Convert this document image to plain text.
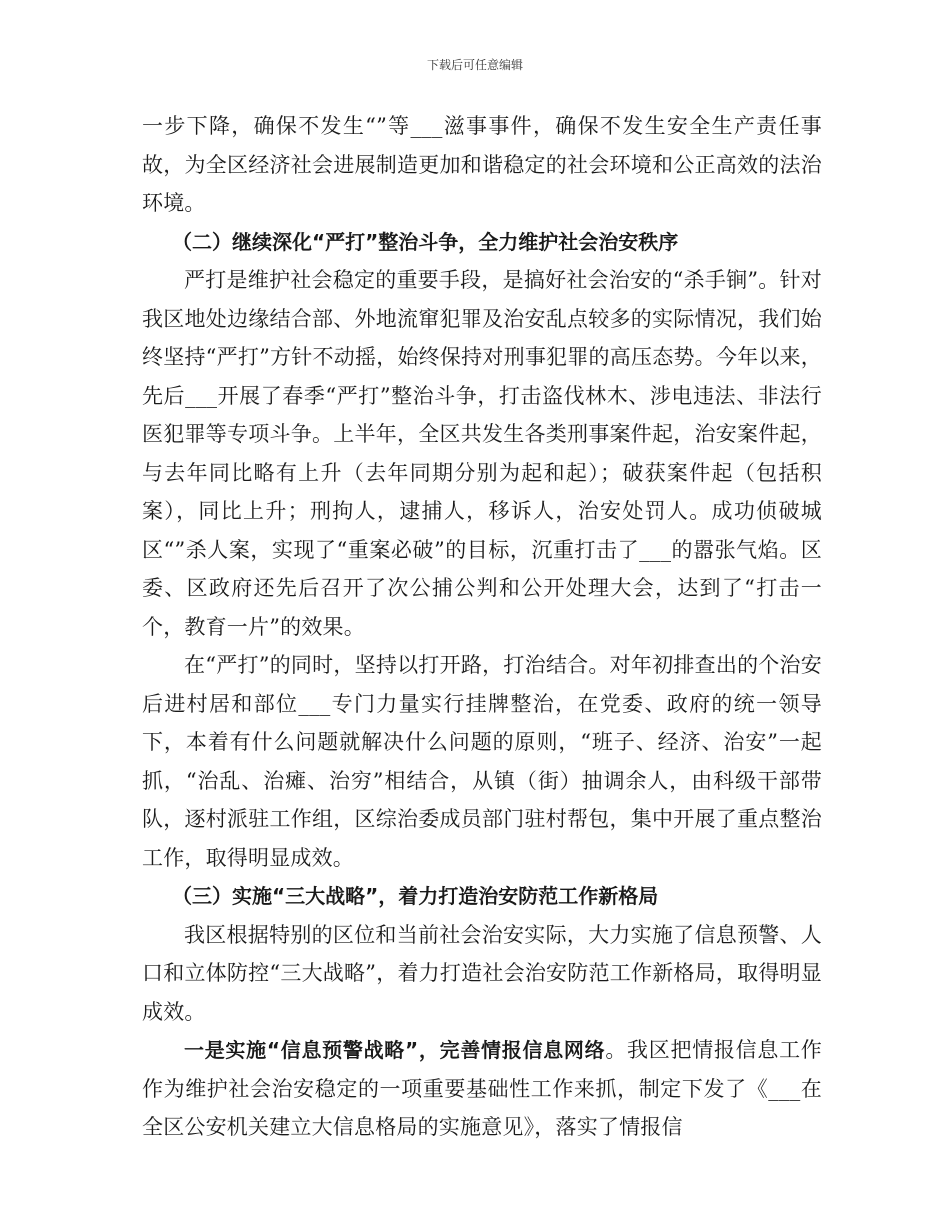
下载后可任意编辑

一步下降，确保不发生“”等___滋事事件，确保不发生安全生产责任事故，为全区经济社会进展制造更加和谐稳定的社会环境和公正高效的法治环境。

（二）继续深化“严打”整治斗争，全力维护社会治安秩序

严打是维护社会稳定的重要手段，是搞好社会治安的“杀手锏”。针对我区地处边缘结合部、外地流窜犯罪及治安乱点较多的实际情况，我们始终坚持“严打”方针不动摇，始终保持对刑事犯罪的高压态势。今年以来，先后___开展了春季“严打”整治斗争，打击盗伐林木、涉电违法、非法行医犯罪等专项斗争。上半年，全区共发生各类刑事案件起，治安案件起，与去年同比略有上升（去年同期分别为起和起）；破获案件起（包括积案），同比上升；刑拘人，逮捕人，移诉人，治安处罚人。成功侦破城区“”杀人案，实现了“重案必破”的目标，沉重打击了___的嚣张气焰。区委、区政府还先后召开了次公捕公判和公开处理大会，达到了“打击一个，教育一片”的效果。

在“严打”的同时，坚持以打开路，打治结合。对年初排查出的个治安后进村居和部位___专门力量实行挂牌整治，在党委、政府的统一领导下，本着有什么问题就解决什么问题的原则，“班子、经济、治安”一起抓，“治乱、治瘫、治穷”相结合，从镇（街）抽调余人，由科级干部带队，逐村派驻工作组，区综治委成员部门驻村帮包，集中开展了重点整治工作，取得明显成效。

（三）实施“三大战略”，着力打造治安防范工作新格局

我区根据特别的区位和当前社会治安实际，大力实施了信息预警、人口和立体防控“三大战略”，着力打造社会治安防范工作新格局，取得明显成效。

一是实施“信息预警战略”，完善情报信息网络。我区把情报信息工作作为维护社会治安稳定的一项重要基础性工作来抓，制定下发了《___在全区公安机关建立大信息格局的实施意见》，落实了情报信
